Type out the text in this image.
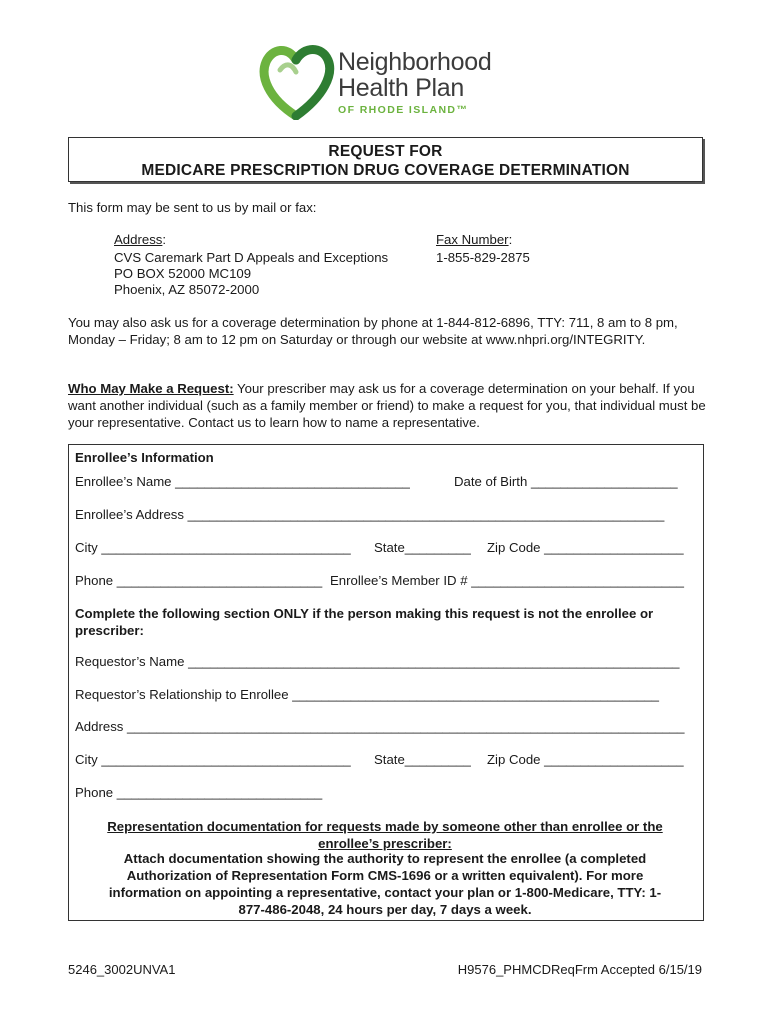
Neighborhood
Health Plan
OF RHODE ISLAND™
REQUEST FOR
MEDICARE PRESCRIPTION DRUG COVERAGE DETERMINATION
This form may be sent to us by mail or fax:
Address:
CVS Caremark Part D Appeals and Exceptions
PO BOX 52000 MC109
Phoenix, AZ 85072-2000
Fax Number:
1-855-829-2875
You may also ask us for a coverage determination by phone at 1-844-812-6896, TTY: 711, 8 am to 8 pm, Monday – Friday; 8 am to 12 pm on Saturday or through our website at www.nhpri.org/INTEGRITY.
Who May Make a Request: Your prescriber may ask us for a coverage determination on your behalf. If you want another individual (such as a family member or friend) to make a request for you, that individual must be your representative. Contact us to learn how to name a representative.
Enrollee’s Information
Enrollee’s Name ________________________________	Date of Birth ____________________
Enrollee’s Address _________________________________________________________________
City __________________________________ State_________ Zip Code ___________________
Phone ____________________________ Enrollee’s Member ID # _____________________________
Complete the following section ONLY if the person making this request is not the enrollee or prescriber:
Requestor’s Name ___________________________________________________________________
Requestor’s Relationship to Enrollee __________________________________________________
Address ____________________________________________________________________________
City __________________________________ State_________ Zip Code ___________________
Phone ____________________________
Representation documentation for requests made by someone other than enrollee or the enrollee’s prescriber:
Attach documentation showing the authority to represent the enrollee (a completed Authorization of Representation Form CMS-1696 or a written equivalent). For more information on appointing a representative, contact your plan or 1-800-Medicare, TTY: 1-877-486-2048, 24 hours per day, 7 days a week.
5246_3002UNVA1	H9576_PHMCDReqFrm Accepted 6/15/19
